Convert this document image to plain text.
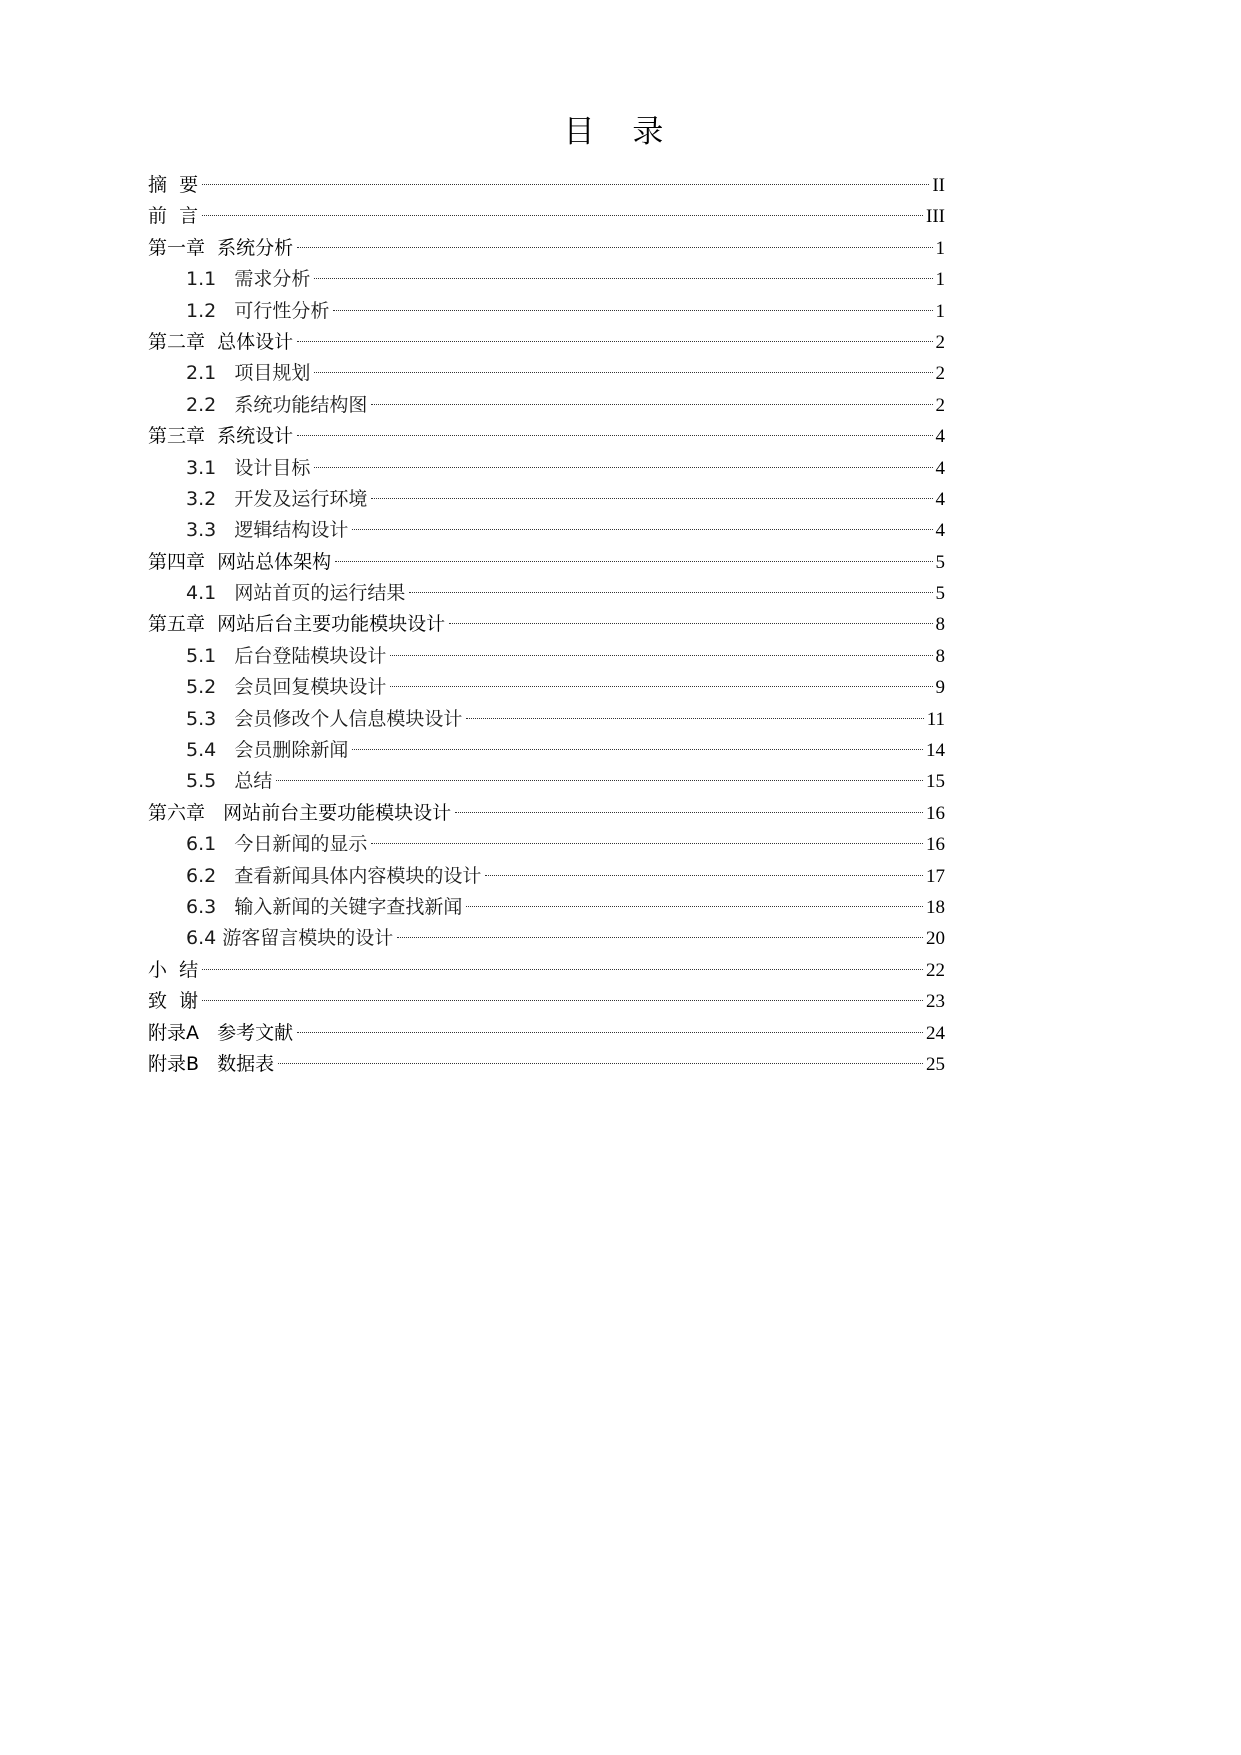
目 录
摘  要	II
前  言	III
第一章  系统分析	1
1.1   需求分析	1
1.2   可行性分析	1
第二章  总体设计	2
2.1   项目规划	2
2.2   系统功能结构图	2
第三章  系统设计	4
3.1   设计目标	4
3.2   开发及运行环境	4
3.3   逻辑结构设计	4
第四章  网站总体架构	5
4.1   网站首页的运行结果	5
第五章  网站后台主要功能模块设计	8
5.1   后台登陆模块设计	8
5.2   会员回复模块设计	9
5.3   会员修改个人信息模块设计	11
5.4   会员删除新闻	14
5.5   总结	15
第六章   网站前台主要功能模块设计	16
6.1   今日新闻的显示	16
6.2   查看新闻具体内容模块的设计	17
6.3   输入新闻的关键字查找新闻	18
6.4 游客留言模块的设计	20
小  结	22
致  谢	23
附录A   参考文献	24
附录B   数据表	25
